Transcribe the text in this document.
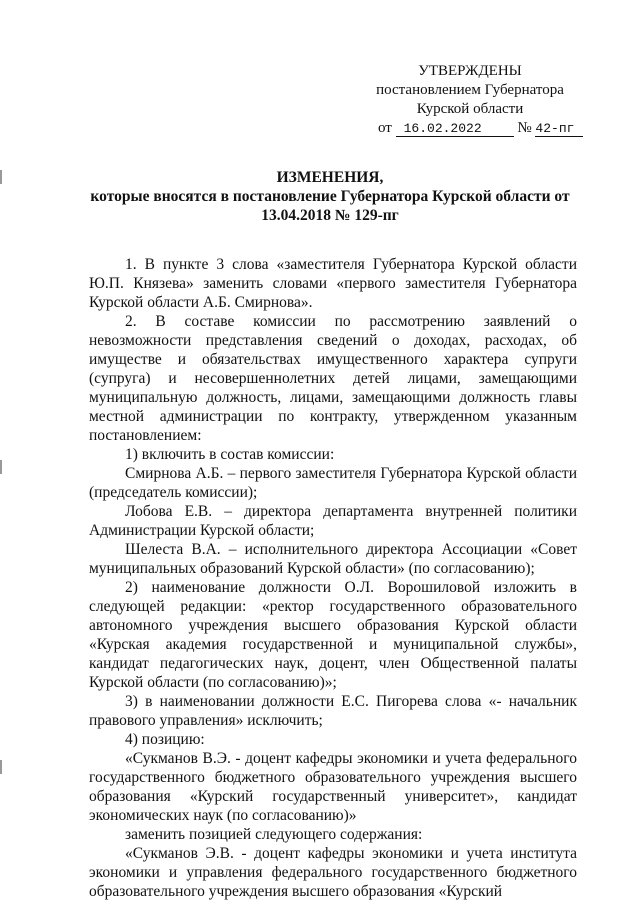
УТВЕРЖДЕНЫ
постановлением Губернатора
Курской области
от 16.02.2022 № 42-пг
ИЗМЕНЕНИЯ,
которые вносятся в постановление Губернатора Курской области от
13.04.2018 № 129-пг

1. В пункте 3 слова «заместителя Губернатора Курской области Ю.П. Князева» заменить словами «первого заместителя Губернатора Курской области А.Б. Смирнова».

2. В составе комиссии по рассмотрению заявлений о невозможности представления сведений о доходах, расходах, об имуществе и обязательствах имущественного характера супруги (супруга) и несовершеннолетних детей лицами, замещающими муниципальную должность, лицами, замещающими должность главы местной администрации по контракту, утвержденном указанным постановлением:

1) включить в состав комиссии:

Смирнова А.Б. – первого заместителя Губернатора Курской области (председатель комиссии);

Лобова Е.В. – директора департамента внутренней политики Администрации Курской области;

Шелеста В.А. – исполнительного директора Ассоциации «Совет муниципальных образований Курской области» (по согласованию);

2) наименование должности О.Л. Ворошиловой изложить в следующей редакции: «ректор государственного образовательного автономного учреждения высшего образования Курской области «Курская академия государственной и муниципальной службы», кандидат педагогических наук, доцент, член Общественной палаты Курской области (по согласованию)»;

3) в наименовании должности Е.С. Пигорева слова «- начальник правового управления» исключить;

4) позицию:

«Сукманов В.Э. - доцент кафедры экономики и учета федерального государственного бюджетного образовательного учреждения высшего образования «Курский государственный университет», кандидат экономических наук (по согласованию)»

заменить позицией следующего содержания:

«Сукманов Э.В. - доцент кафедры экономики и учета института экономики и управления федерального государственного бюджетного образовательного учреждения высшего образования «Курский
